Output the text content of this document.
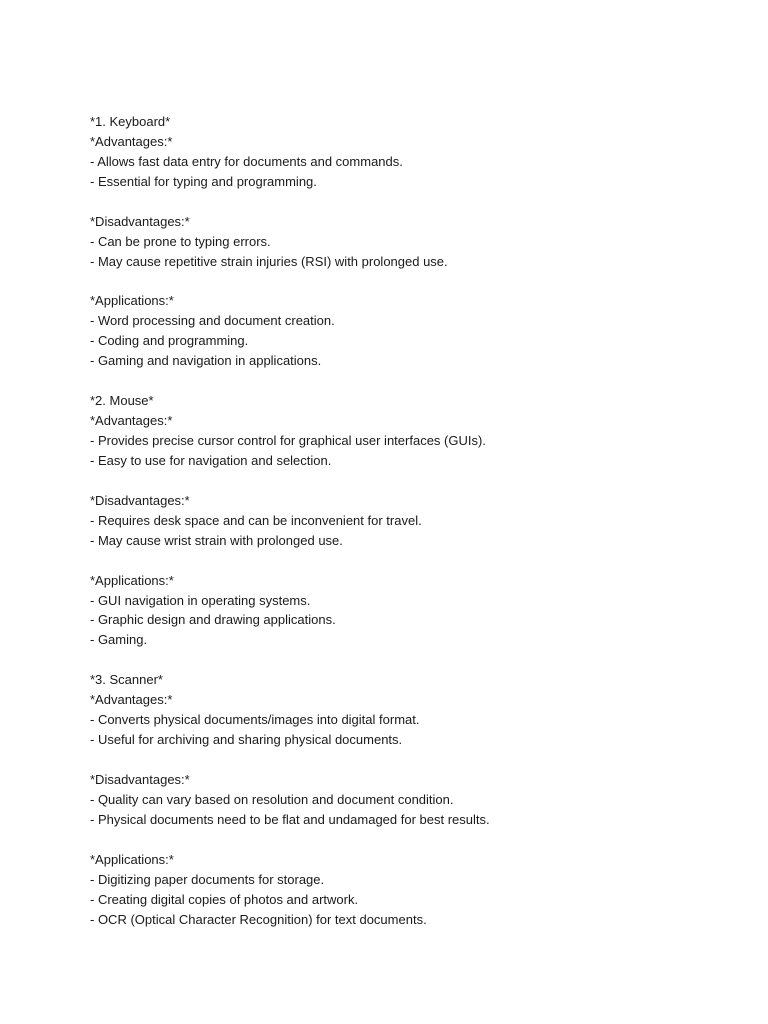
*1. Keyboard*

*Advantages:*

- Allows fast data entry for documents and commands.

- Essential for typing and programming.

*Disadvantages:*

- Can be prone to typing errors.

- May cause repetitive strain injuries (RSI) with prolonged use.

*Applications:*

- Word processing and document creation.

- Coding and programming.

- Gaming and navigation in applications.

*2. Mouse*

*Advantages:*

- Provides precise cursor control for graphical user interfaces (GUIs).

- Easy to use for navigation and selection.

*Disadvantages:*

- Requires desk space and can be inconvenient for travel.

- May cause wrist strain with prolonged use.

*Applications:*

- GUI navigation in operating systems.

- Graphic design and drawing applications.

- Gaming.

*3. Scanner*

*Advantages:*

- Converts physical documents/images into digital format.

- Useful for archiving and sharing physical documents.

*Disadvantages:*

- Quality can vary based on resolution and document condition.

- Physical documents need to be flat and undamaged for best results.

*Applications:*

- Digitizing paper documents for storage.

- Creating digital copies of photos and artwork.

- OCR (Optical Character Recognition) for text documents.
